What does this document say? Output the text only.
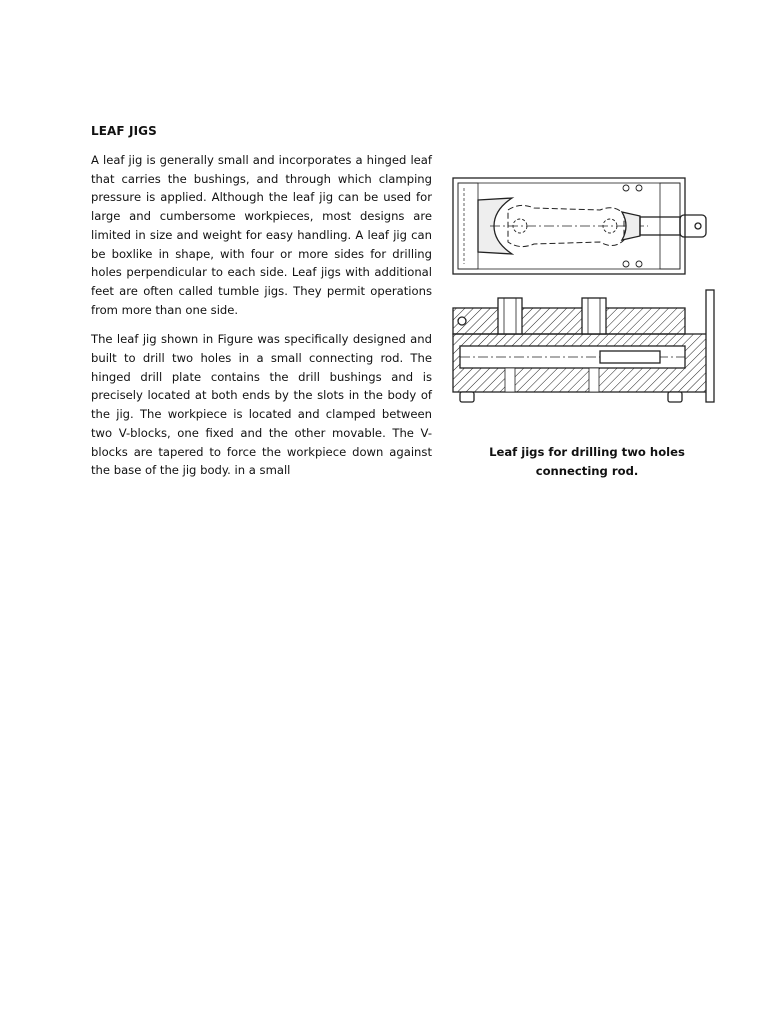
LEAF JIGS

A leaf jig is generally small and incorporates a hinged leaf that carries the bushings, and through which clamping pressure is applied. Although the leaf jig can be used for large and cumbersome workpieces, most designs are limited in size and weight for easy handling. A leaf jig can be boxlike in shape, with four or more sides for drilling holes perpendicular to each side. Leaf jigs with additional feet are often called tumble jigs. They permit operations from more than one side.

The leaf jig shown in Figure was specifically designed and built to drill two holes in a small connecting rod. The hinged drill plate contains the drill bushings and is precisely located at both ends by the slots in the body of the jig. The workpiece is located and clamped between two V-blocks, one fixed and the other movable. The V-blocks are tapered to force the workpiece down against the base of the jig body. in a small

Leaf jigs for drilling two holes connecting rod.
